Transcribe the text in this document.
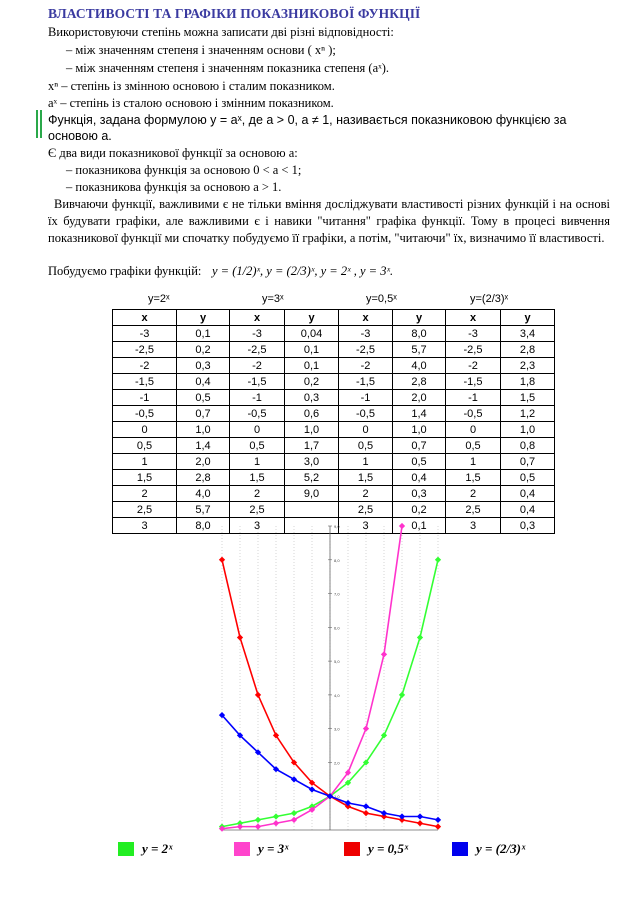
ВЛАСТИВОСТІ ТА ГРАФІКИ ПОКАЗНИКОВОЇ ФУНКЦІЇ
Використовуючи степінь можна записати дві різні відповідності:
– між значенням степеня і значенням основи ( xⁿ );
– між значенням степеня і значенням показника степеня (aˣ).
xⁿ – степінь із змінною основою і сталим показником.
aˣ – степінь із сталою основою і змінним показником.
Функція, задана формулою y = aˣ, де a > 0, a ≠ 1, називається показниковою функцією за
основою a.
Є два види показникової функції за основою a:
– показникова функція за основою 0 < a < 1;
– показникова функція за основою a > 1.
Вивчаючи функції, важливими є не тільки вміння досліджувати властивості різних функцій і на основі їх будувати графіки, але важливими є і навики "читання" графіка функції. Тому в процесі вивчення показникової функції ми спочатку побудуємо її графіки, а потім, "читаючи" їх, визначимо її властивості.
Побудуємо графіки функцій: y = (1/2)ˣ, y = (2/3)ˣ, y = 2ˣ , y = 3ˣ.
y=2ˣ	y=3ˣ	y=0,5ˣ	y=(2/3)ˣ
x	y	x	y	x	y	x	y
-3	0,1	-3	0,04	-3	8,0	-3	3,4
-2,5	0,2	-2,5	0,1	-2,5	5,7	-2,5	2,8
-2	0,3	-2	0,1	-2	4,0	-2	2,3
-1,5	0,4	-1,5	0,2	-1,5	2,8	-1,5	1,8
-1	0,5	-1	0,3	-1	2,0	-1	1,5
-0,5	0,7	-0,5	0,6	-0,5	1,4	-0,5	1,2
0	1,0	0	1,0	0	1,0	0	1,0
0,5	1,4	0,5	1,7	0,5	0,7	0,5	0,8
1	2,0	1	3,0	1	0,5	1	0,7
1,5	2,8	1,5	5,2	1,5	0,4	1,5	0,5
2	4,0	2	9,0	2	0,3	2	0,4
2,5	5,7	2,5		2,5	0,2	2,5	0,4
3	8,0	3		3	0,1	3	0,3
1,0
2,0
3,0
4,0
5,0
6,0
7,0
8,0
9,0
y = 2ˣ	y = 3ˣ	y = 0,5ˣ	y = (2/3)ˣ
